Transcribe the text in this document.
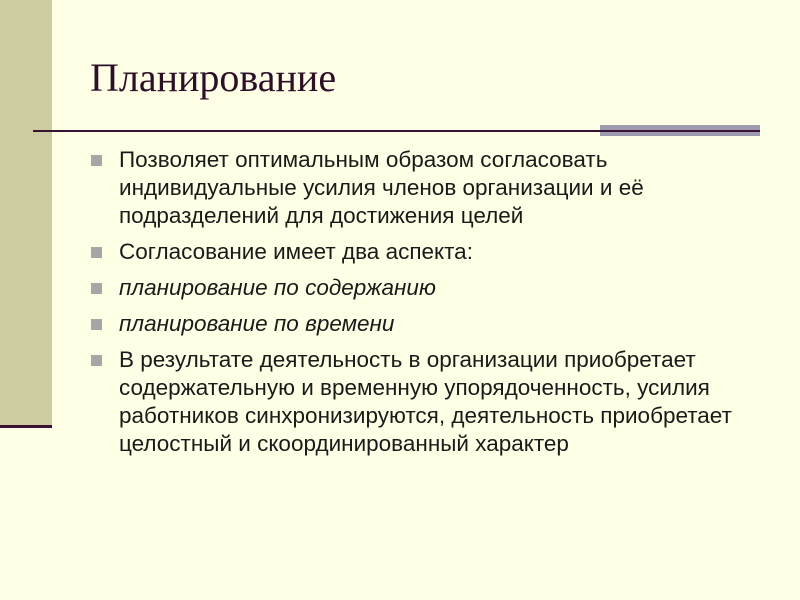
Планирование
Позволяет оптимальным образом согласовать индивидуальные усилия членов организации и её подразделений для достижения целей
Согласование имеет два аспекта:
планирование по содержанию
планирование по времени
В результате деятельность в организации приобретает содержательную и временную упорядоченность, усилия работников синхронизируются, деятельность приобретает целостный и скоординированный характер
